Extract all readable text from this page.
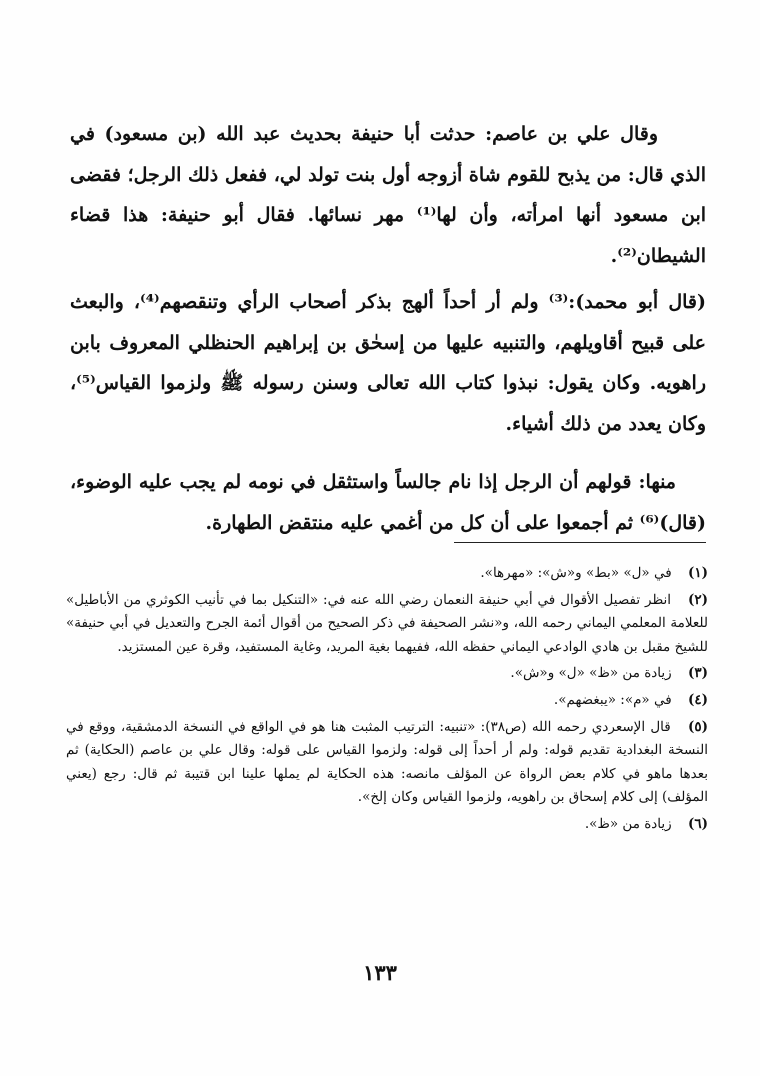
وقال علي بن عاصم: حدثت أبا حنيفة بحديث عبد الله (بن مسعود) في الذي قال: من يذبح للقوم شاة أزوجه أول بنت تولد لي، ففعل ذلك الرجل؛ فقضى ابن مسعود أنها امرأته، وأن لها⁽¹⁾ مهر نسائها. فقال أبو حنيفة: هذا قضاء الشيطان⁽²⁾.
(قال أبو محمد):⁽³⁾ ولم أر أحداً ألهج بذكر أصحاب الرأي وتنقصهم⁽⁴⁾، والبعث على قبيح أقاويلهم، والتنبيه عليها من إسحٰق بن إبراهيم الحنظلي المعروف بابن راهويه. وكان يقول: نبذوا كتاب الله تعالى وسنن رسوله ﷺ ولزموا القياس⁽⁵⁾، وكان يعدد من ذلك أشياء.
منها: قولهم أن الرجل إذا نام جالساً واستثقل في نومه لم يجب عليه الوضوء، (قال)⁽⁶⁾ ثم أجمعوا على أن كل من أغمي عليه منتقض الطهارة.
(١) في «ل» «بط» و«ش»: «مهرها».
(٢) انظر تفصيل الأقوال في أبي حنيفة النعمان رضي الله عنه في: «التنكيل بما في تأنيب الكوثري من الأباطيل» للعلامة المعلمي اليماني رحمه الله، و«نشر الصحيفة في ذكر الصحيح من أقوال أئمة الجرح والتعديل في أبي حنيفة» للشيخ مقبل بن هادي الوادعي اليماني حفظه الله، ففيهما بغية المريد، وغاية المستفيد، وقرة عين المستزيد.
(٣) زيادة من «ظ» «ل» و«ش».
(٤) في «م»: «يبغضهم».
(٥) قال الإسعردي رحمه الله (ص٣٨): «تنبيه: الترتيب المثبت هنا هو في الواقع في النسخة الدمشقية، ووقع في النسخة البغدادية تقديم قوله: ولم أر أحداً إلى قوله: ولزموا القياس على قوله: وقال علي بن عاصم (الحكاية) ثم بعدها ماهو في كلام بعض الرواة عن المؤلف مانصه: هذه الحكاية لم يملها علينا ابن قتيبة ثم قال: رجع (يعني المؤلف) إلى كلام إسحاق بن راهويه، ولزموا القياس وكان إلخ».
(٦) زيادة من «ظ».
١٣٣
